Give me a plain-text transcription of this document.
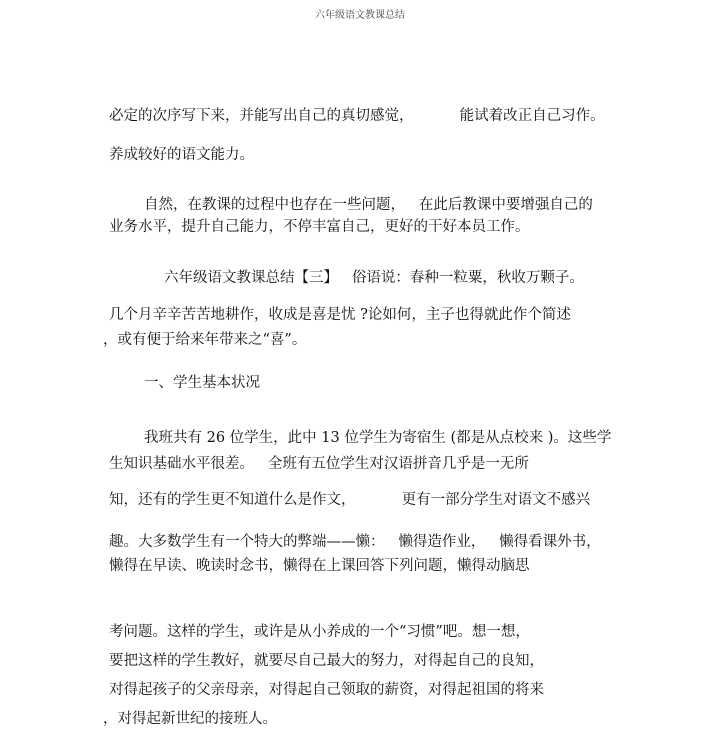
六年级语文教课总结
必定的次序写下来，并能写出自己的真切感觉，          能试着改正自己习作。
养成较好的语文能力。
自然，在教课的过程中也存在一些问题，   在此后教课中要增强自己的
业务水平，提升自己能力，不停丰富自己，更好的干好本员工作。
六年级语文教课总结【三】   俗语说：春种一粒粟，秋收万颗子。
几个月辛辛苦苦地耕作，收成是喜是忧 ?论如何，主子也得就此作个简述
，或有便于给来年带来之“喜”。
一、学生基本状况
我班共有 26 位学生，此中 13 位学生为寄宿生 (都是从点校来 )。这些学
生知识基础水平很差。   全班有五位学生对汉语拼音几乎是一无所
知，还有的学生更不知道什么是作文，          更有一部分学生对语文不感兴
趣。大多数学生有一个特大的弊端——懒：   懒得造作业，   懒得看课外书，
懒得在早读、晚读时念书，懒得在上课回答下列问题，懒得动脑思
考问题。这样的学生，或许是从小养成的一个“习惯”吧。想一想，
要把这样的学生教好，就要尽自己最大的努力，对得起自己的良知，
对得起孩子的父亲母亲，对得起自己领取的薪资，对得起祖国的将来
，对得起新世纪的接班人。
